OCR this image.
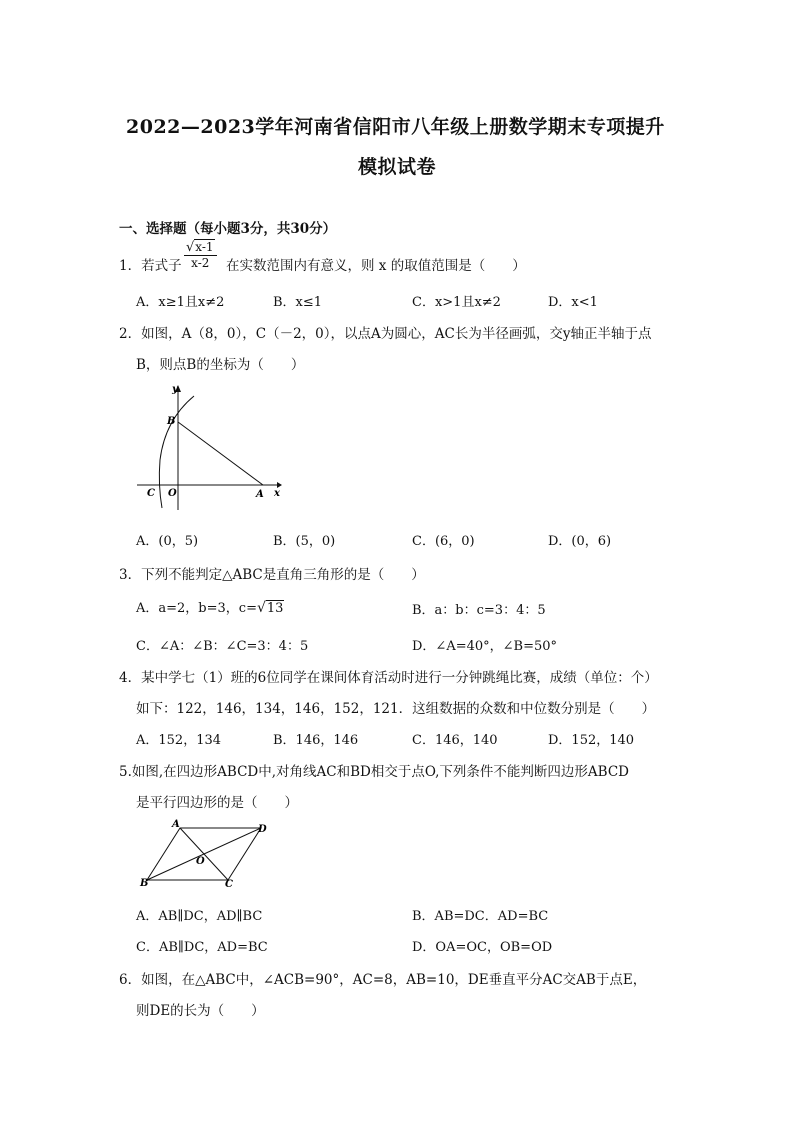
2022—2023学年河南省信阳市八年级上册数学期末专项提升
模拟试卷
一、选择题（每小题3分，共30分）
1．若式子 $\frac{√x-1}{x-2}$ 在实数范围内有意义，则 x 的取值范围是（　　）
A．x≥1且x≠2	B．x≤1	C．x>1且x≠2	D．x<1
2．如图，A（8，0），C（－2，0），以点A为圆心，AC长为半径画弧，交y轴正半轴于点
B，则点B的坐标为（　　）
y
x
B
C O	A
A．(0，5)	B．(5，0)	C．(6，0)	D．(0，6)
3．下列不能判定△ABC是直角三角形的是（　　）
A．a=2，b=3，c=√13	B．a：b：c=3：4：5
C．∠A：∠B：∠C=3：4：5	D．∠A=40°，∠B=50°
4．某中学七（1）班的6位同学在课间体育活动时进行一分钟跳绳比赛，成绩（单位：个）
如下：122，146，134，146，152，121．这组数据的众数和中位数分别是（　　）
A．152，134	B．146，146	C．146，140	D．152，140
5.如图,在四边形ABCD中,对角线AC和BD相交于点O,下列条件不能判断四边形ABCD
是平行四边形的是（　　）
A	D
O
B	C
A．AB∥DC，AD∥BC	B．AB=DC．AD=BC
C．AB∥DC，AD=BC	D．OA=OC，OB=OD
6．如图，在△ABC中，∠ACB=90°，AC=8，AB=10，DE垂直平分AC交AB于点E，
则DE的长为（　　）
